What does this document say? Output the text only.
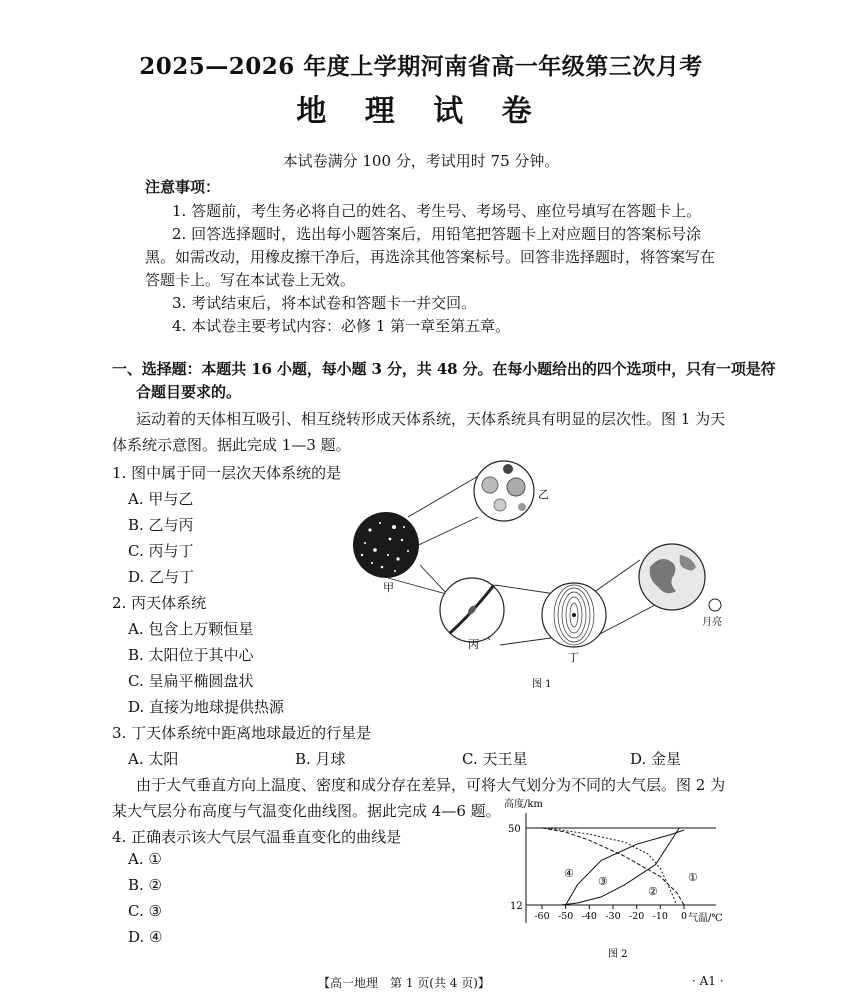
2025—2026 年度上学期河南省高一年级第三次月考
地 理 试 卷
本试卷满分 100 分，考试用时 75 分钟。
注意事项：
1. 答题前，考生务必将自己的姓名、考生号、考场号、座位号填写在答题卡上。
2. 回答选择题时，选出每小题答案后，用铅笔把答题卡上对应题目的答案标号涂
黑。如需改动，用橡皮擦干净后，再选涂其他答案标号。回答非选择题时，将答案写在
答题卡上。写在本试卷上无效。
3. 考试结束后，将本试卷和答题卡一并交回。
4. 本试卷主要考试内容：必修 1 第一章至第五章。
一、选择题：本题共 16 小题，每小题 3 分，共 48 分。在每小题给出的四个选项中，只有一项是符
合题目要求的。
运动着的天体相互吸引、相互绕转形成天体系统，天体系统具有明显的层次性。图 1 为天
体系统示意图。据此完成 1—3 题。
1. 图中属于同一层次天体系统的是
A. 甲与乙
B. 乙与丙
C. 丙与丁
D. 乙与丁
2. 丙天体系统
A. 包含上万颗恒星
B. 太阳位于其中心
C. 呈扁平椭圆盘状
D. 直接为地球提供热源
3. 丁天体系统中距离地球最近的行星是
A. 太阳	B. 月球	C. 天王星	D. 金星
由于大气垂直方向上温度、密度和成分存在差异，可将大气划分为不同的大气层。图 2 为
某大气层分布高度与气温变化曲线图。据此完成 4—6 题。
4. 正确表示该大气层气温垂直变化的曲线是
A. ①
B. ②
C. ③
D. ④
甲
乙
丙
丁
月亮
图 1
高度/km
50
12
-60 -50 -40 -30 -20 -10 0 气温/℃
①
②
③
④
图 2
【高一地理　第 1 页(共 4 页)】	· A1 ·
